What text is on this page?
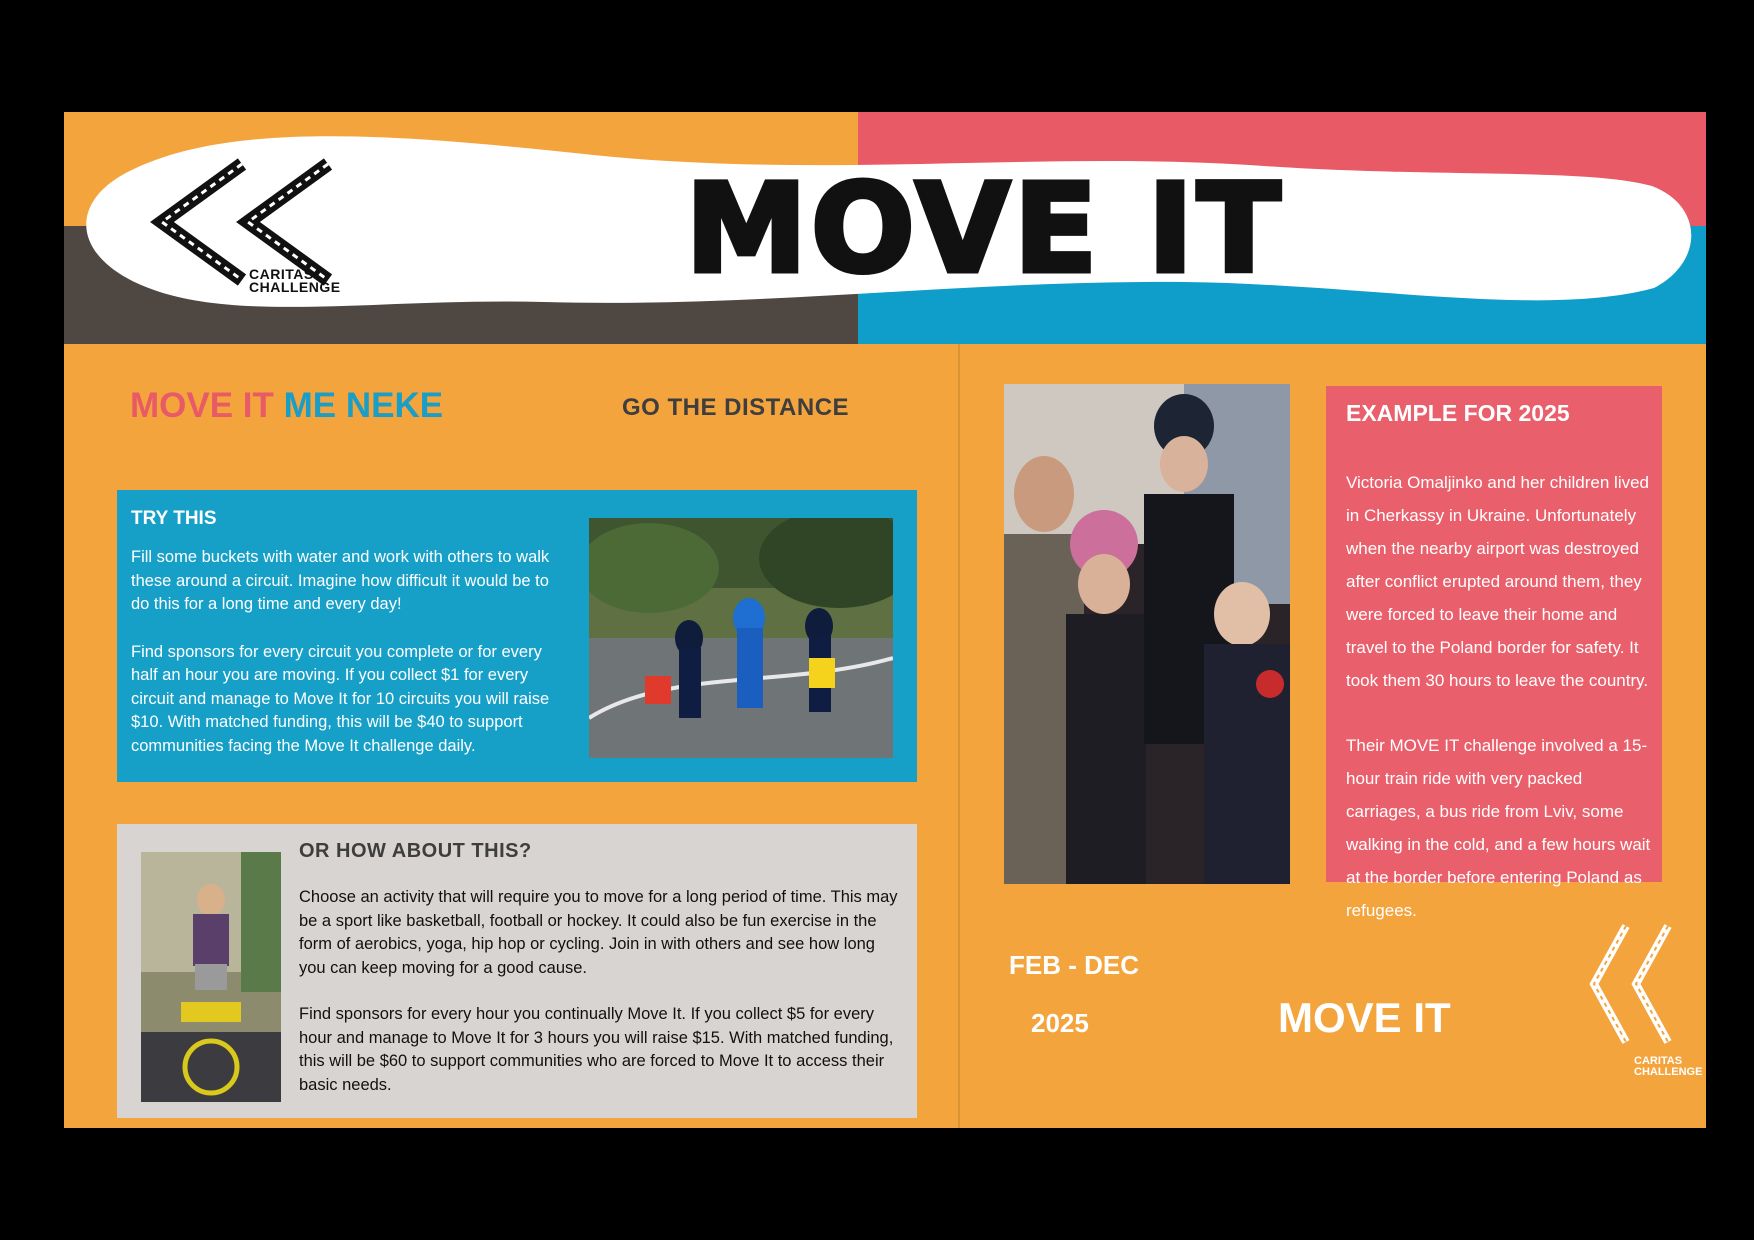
CARITAS
CHALLENGE	MOVE IT
MOVE IT ME NEKE	GO THE DISTANCE
TRY THIS

Fill some buckets with water and work with others to walk these around a circuit. Imagine how difficult it would be to do this for a long time and every day!

Find sponsors for every circuit you complete or for every half an hour you are moving. If you collect $1 for every circuit and manage to Move It for 10 circuits you will raise $10. With matched funding, this will be $40 to support communities facing the Move It challenge daily.

OR HOW ABOUT THIS?

Choose an activity that will require you to move for a long period of time. This may be a sport like basketball, football or hockey. It could also be fun exercise in the form of aerobics, yoga, hip hop or cycling. Join in with others and see how long you can keep moving for a good cause.

Find sponsors for every hour you continually Move It. If you collect $5 for every hour and manage to Move It for 3 hours you will raise $15. With matched funding, this will be $60 to support communities who are forced to Move It to access their basic needs.

EXAMPLE FOR 2025

Victoria Omaljinko and her children lived in Cherkassy in Ukraine. Unfortunately when the nearby airport was destroyed after conflict erupted around them, they were forced to leave their home and travel to the Poland border for safety. It took them 30 hours to leave the country.

Their MOVE IT challenge involved a 15-hour train ride with very packed carriages, a bus ride from Lviv, some walking in the cold, and a few hours wait at the border before entering Poland as refugees.

FEB - DEC
2025	MOVE IT
CARITAS
CHALLENGE
